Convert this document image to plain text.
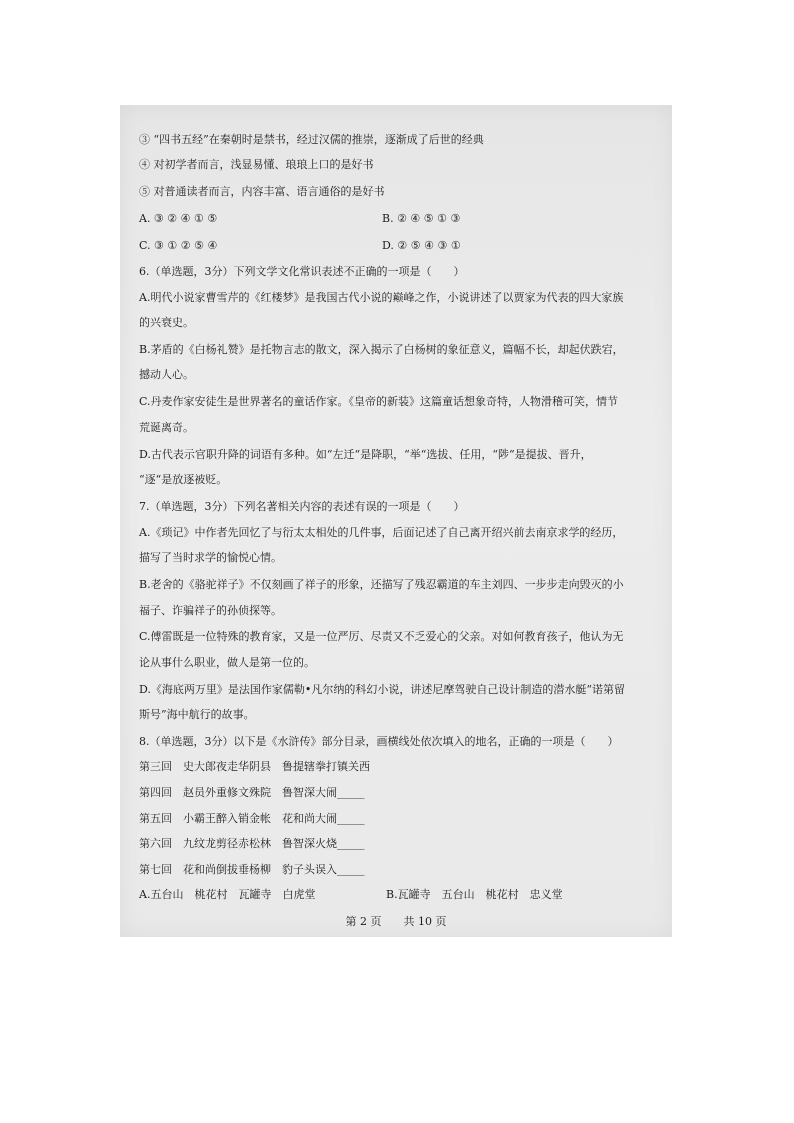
③ “四书五经”在秦朝时是禁书，经过汉儒的推崇，逐渐成了后世的经典
④ 对初学者而言，浅显易懂、琅琅上口的是好书
⑤ 对普通读者而言，内容丰富、语言通俗的是好书
A. ③ ② ④ ① ⑤	B. ② ④ ⑤ ① ③
C. ③ ① ② ⑤ ④	D. ② ⑤ ④ ③ ①
6.（单选题，3分）下列文学文化常识表述不正确的一项是（　　）
A.明代小说家曹雪芹的《红楼梦》是我国古代小说的巅峰之作，小说讲述了以贾家为代表的四大家族
的兴衰史。
B.茅盾的《白杨礼赞》是托物言志的散文，深入揭示了白杨树的象征意义，篇幅不长，却起伏跌宕，
撼动人心。
C.丹麦作家安徒生是世界著名的童话作家。《皇帝的新装》这篇童话想象奇特，人物滑稽可笑，情节
荒诞离奇。
D.古代表示官职升降的词语有多种。如“左迁“是降职，“举“选拔、任用，“陟“是提拔、晋升，
“逐“是放逐被贬。
7.（单选题，3分）下列名著相关内容的表述有误的一项是（　　）
A.《琐记》中作者先回忆了与衍太太相处的几件事，后面记述了自己离开绍兴前去南京求学的经历，
描写了当时求学的愉悦心情。
B.老舍的《骆驼祥子》不仅刻画了祥子的形象，还描写了残忍霸道的车主刘四、一步步走向毁灭的小
福子、诈骗祥子的孙侦探等。
C.傅雷既是一位特殊的教育家，又是一位严厉、尽责又不乏爱心的父亲。对如何教育孩子，他认为无
论从事什么职业，做人是第一位的。
D.《海底两万里》是法国作家儒勒•凡尔纳的科幻小说，讲述尼摩驾驶自己设计制造的潜水艇“诺第留
斯号”海中航行的故事。
8.（单选题，3分）以下是《水浒传》部分目录，画横线处依次填入的地名，正确的一项是（　　）
第三回　史大郎夜走华阴县　鲁提辖拳打镇关西
第四回　赵员外重修文殊院　鲁智深大闹_____
第五回　小霸王醉入销金帐　花和尚大闹_____
第六回　九纹龙剪径赤松林　鲁智深火烧_____
第七回　花和尚倒拔垂杨柳　豹子头误入_____
A.五台山　桃花村　瓦罐寺　白虎堂	B.瓦罐寺　五台山　桃花村　忠义堂
第 2 页　　共 10 页
